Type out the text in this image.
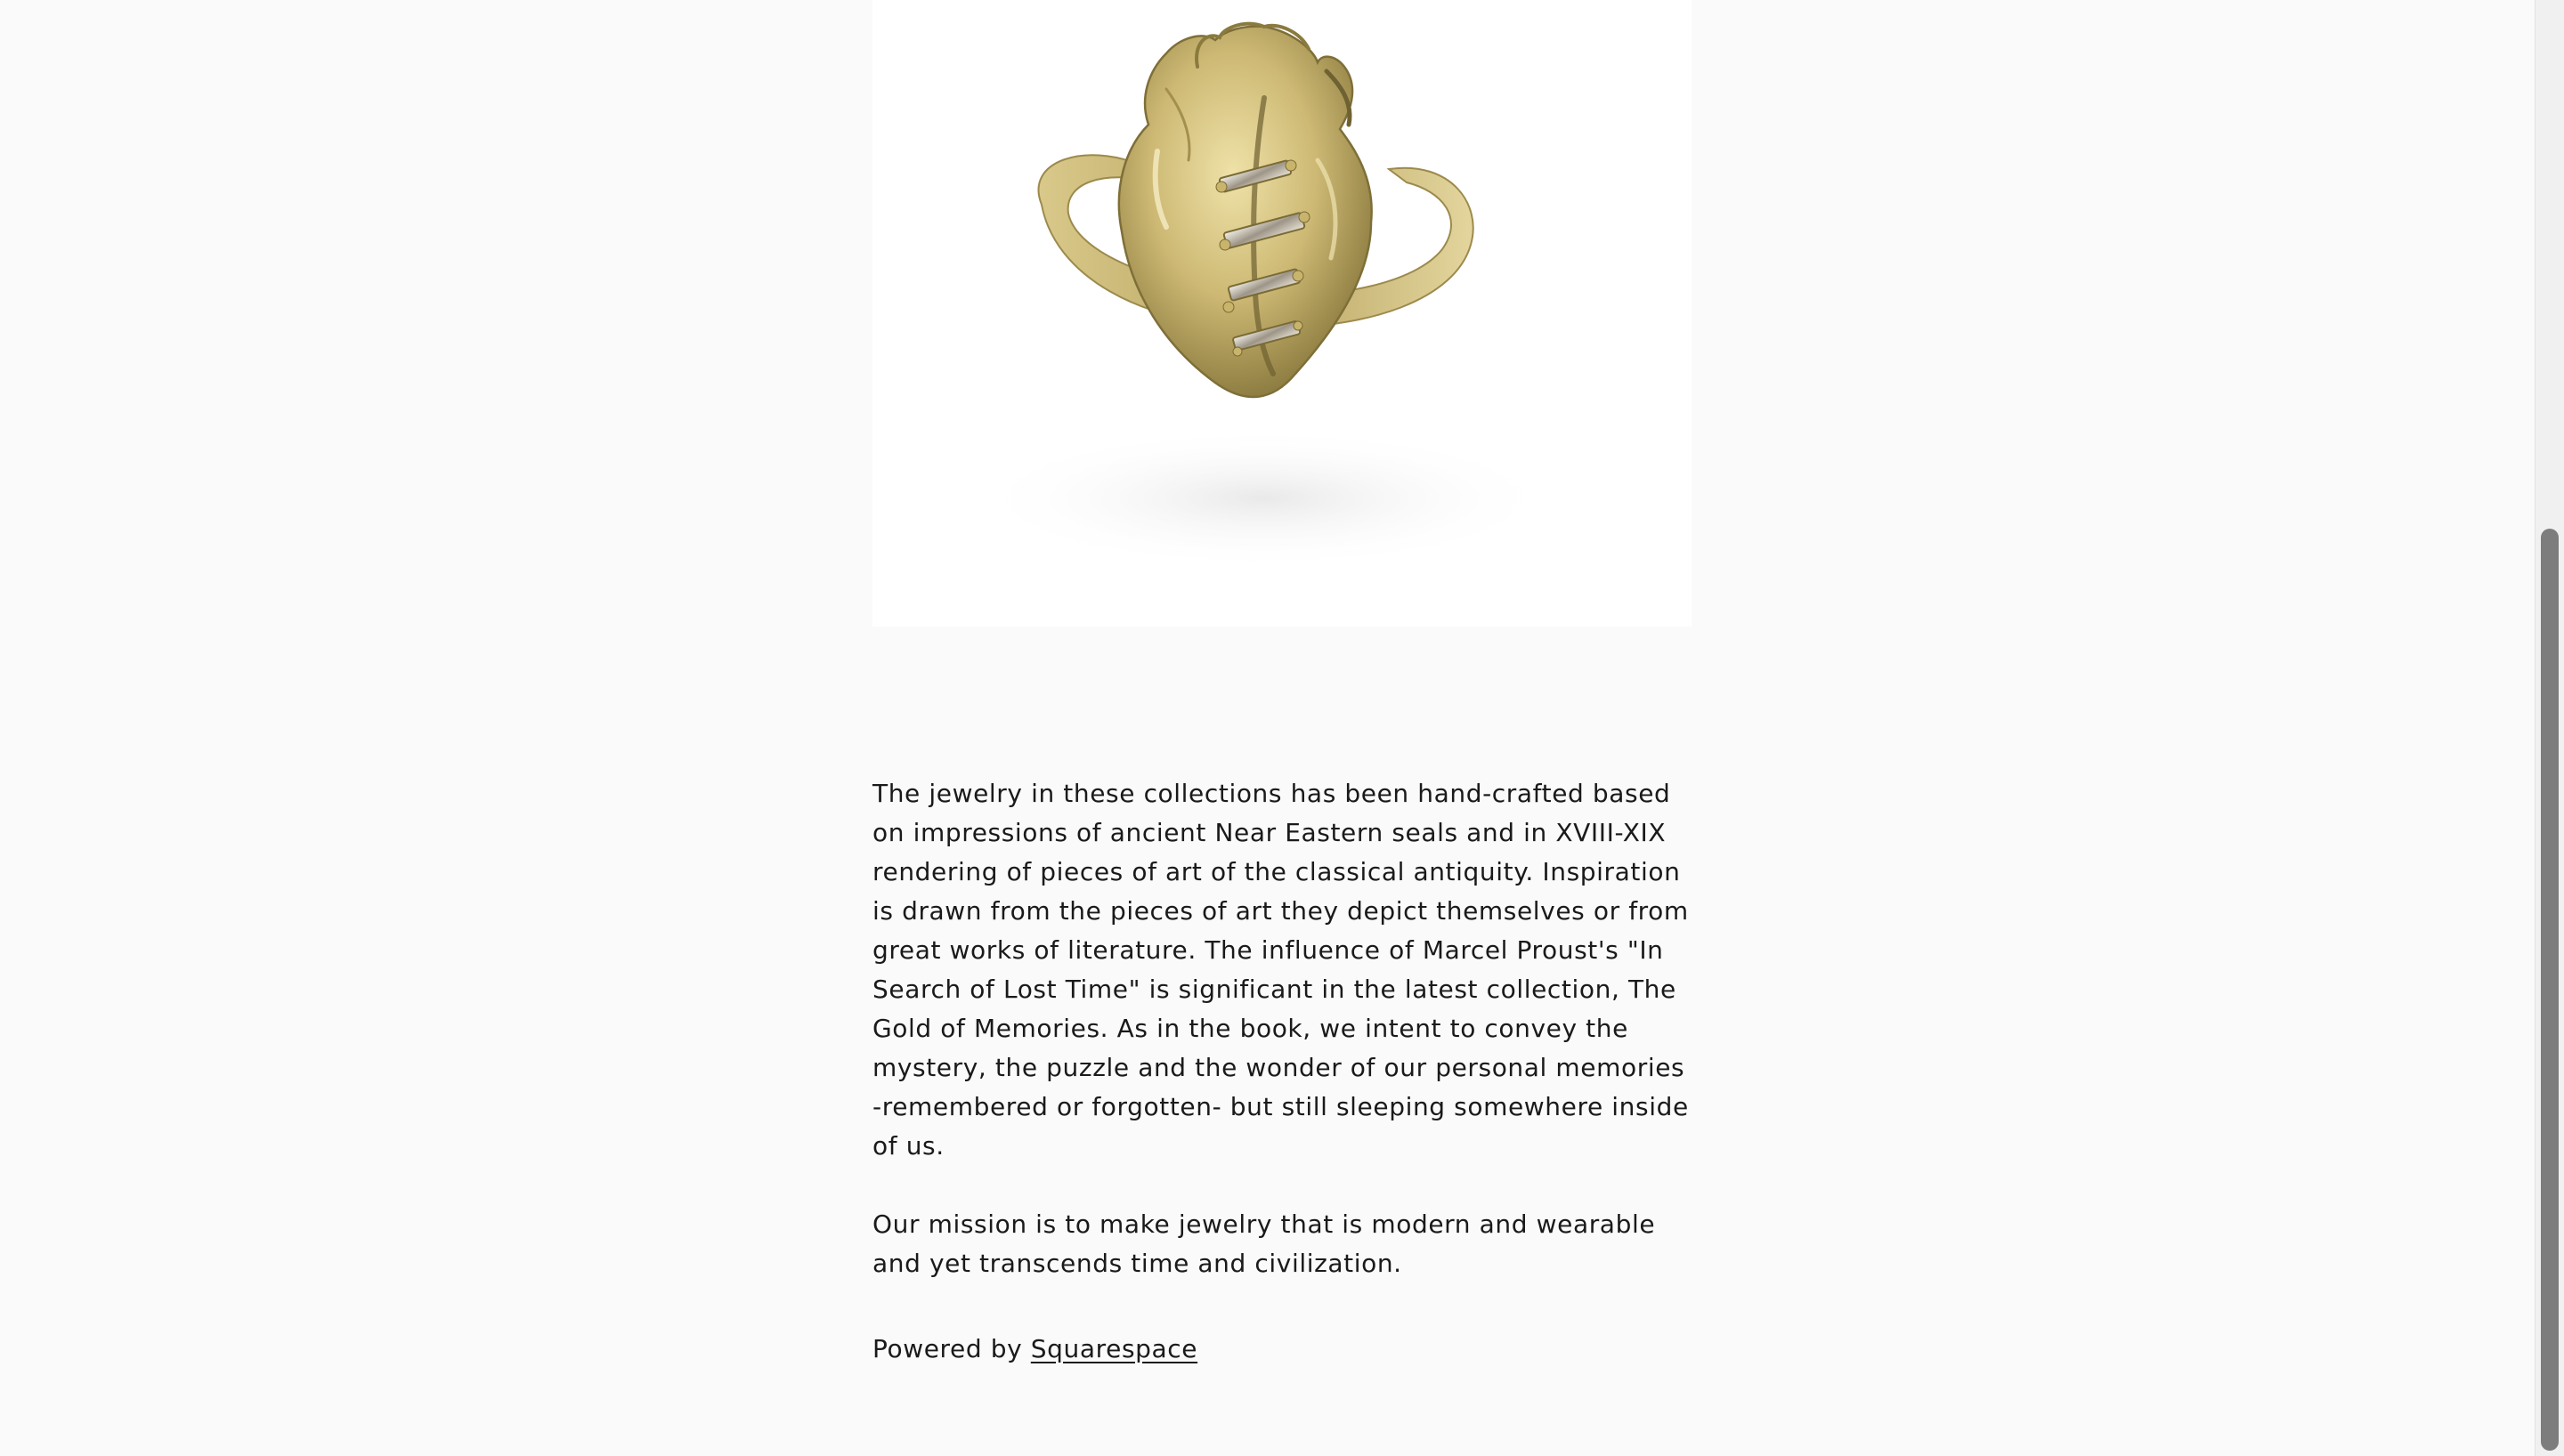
The jewelry in these collections has been hand-crafted based on impressions of ancient Near Eastern seals and in XVIII-XIX rendering of pieces of art of the classical antiquity. Inspiration is drawn from the pieces of art they depict themselves or from great works of literature. The influence of Marcel Proust's "In Search of Lost Time" is significant in the latest collection, The Gold of Memories. As in the book, we intent to convey the mystery, the puzzle and the wonder of our personal memories -remembered or forgotten- but still sleeping somewhere inside of us.

Our mission is to make jewelry that is modern and wearable and yet transcends time and civilization.

Powered by Squarespace
